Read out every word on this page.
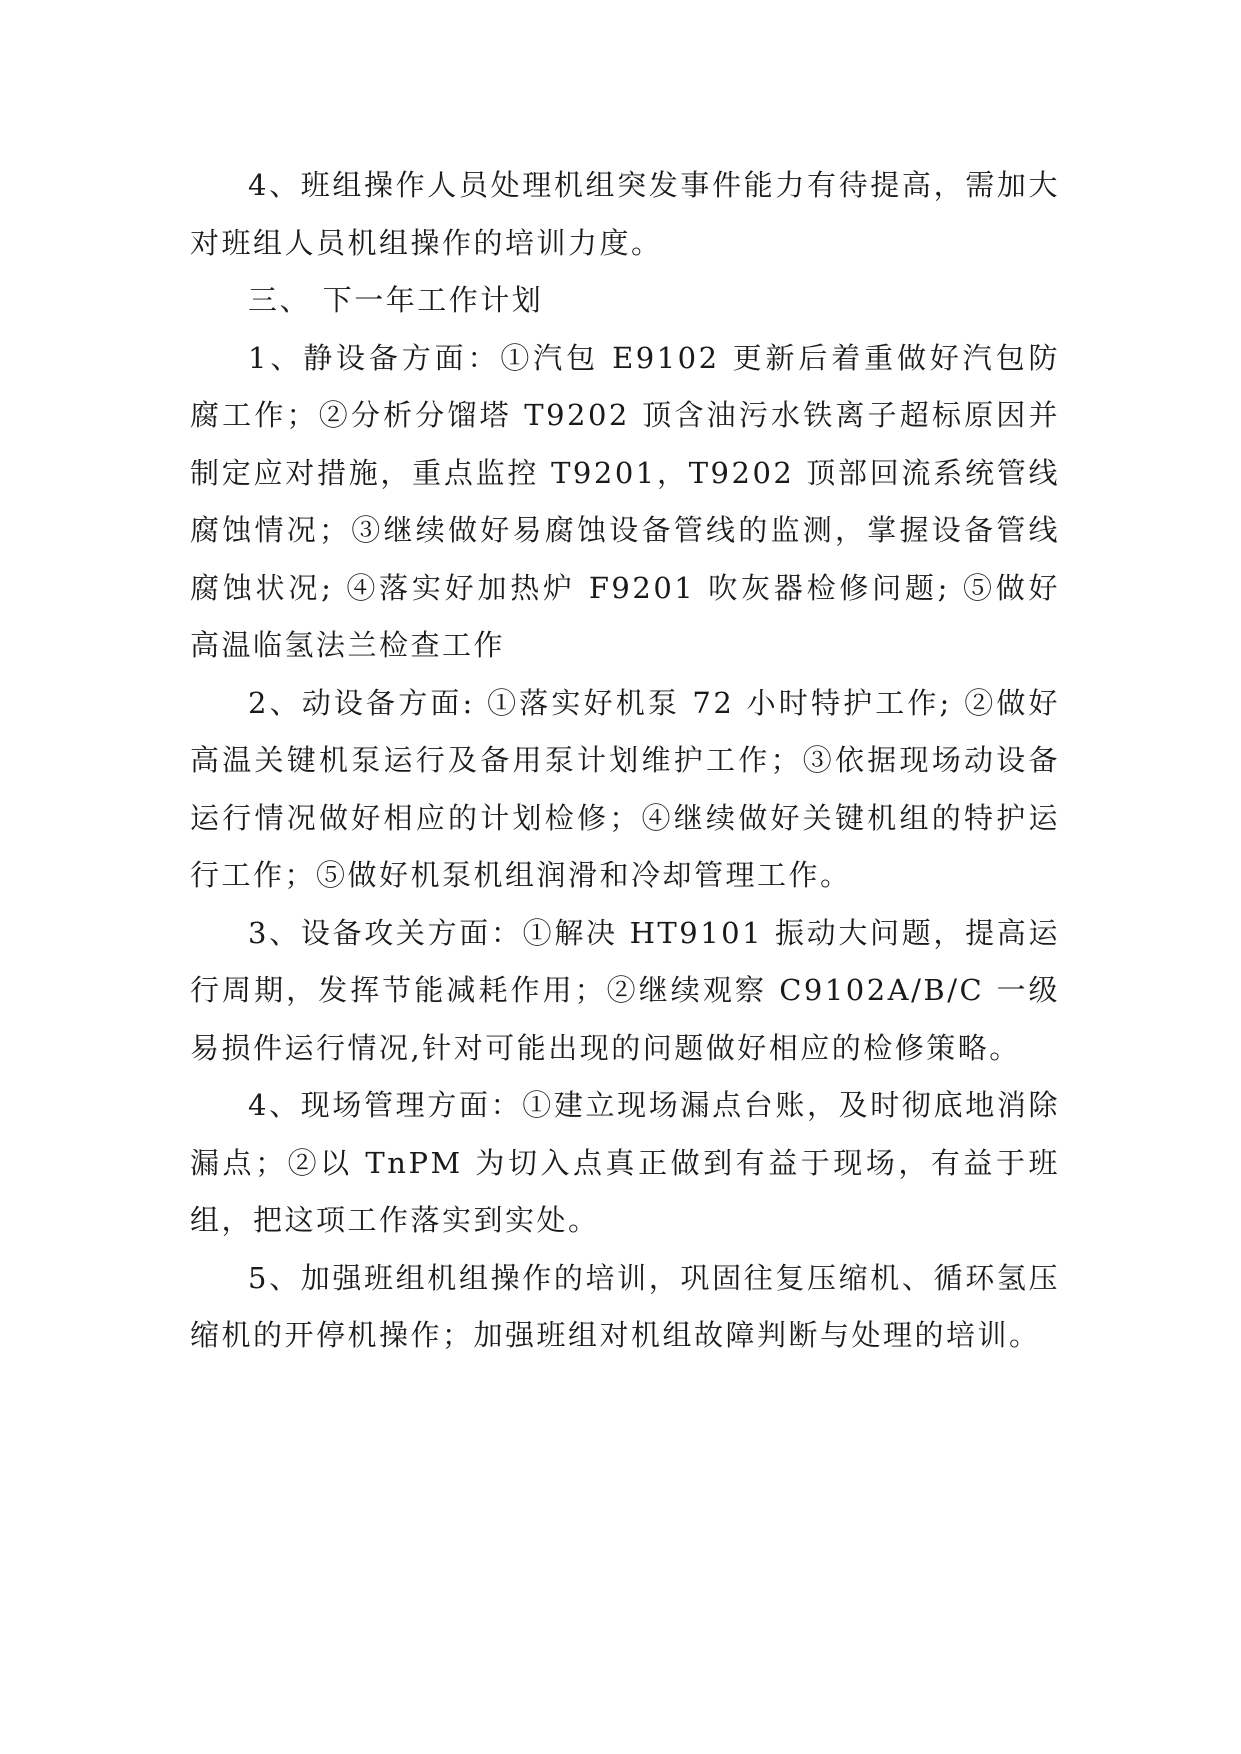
4、班组操作人员处理机组突发事件能力有待提高，需加大对班组人员机组操作的培训力度。

三、 下一年工作计划

1、静设备方面：①汽包 E9102 更新后着重做好汽包防腐工作；②分析分馏塔 T9202 顶含油污水铁离子超标原因并制定应对措施，重点监控 T9201，T9202 顶部回流系统管线腐蚀情况；③继续做好易腐蚀设备管线的监测，掌握设备管线腐蚀状况; ④落实好加热炉 F9201 吹灰器检修问题; ⑤做好高温临氢法兰检查工作

2、动设备方面: ①落实好机泵 72 小时特护工作; ②做好高温关键机泵运行及备用泵计划维护工作；③依据现场动设备运行情况做好相应的计划检修；④继续做好关键机组的特护运行工作；⑤做好机泵机组润滑和冷却管理工作。

3、设备攻关方面：①解决 HT9101 振动大问题，提高运行周期，发挥节能减耗作用；②继续观察 C9102A/B/C 一级易损件运行情况,针对可能出现的问题做好相应的检修策略。

4、现场管理方面：①建立现场漏点台账，及时彻底地消除漏点；②以 TnPM 为切入点真正做到有益于现场，有益于班组，把这项工作落实到实处。

5、加强班组机组操作的培训，巩固往复压缩机、循环氢压缩机的开停机操作；加强班组对机组故障判断与处理的培训。
